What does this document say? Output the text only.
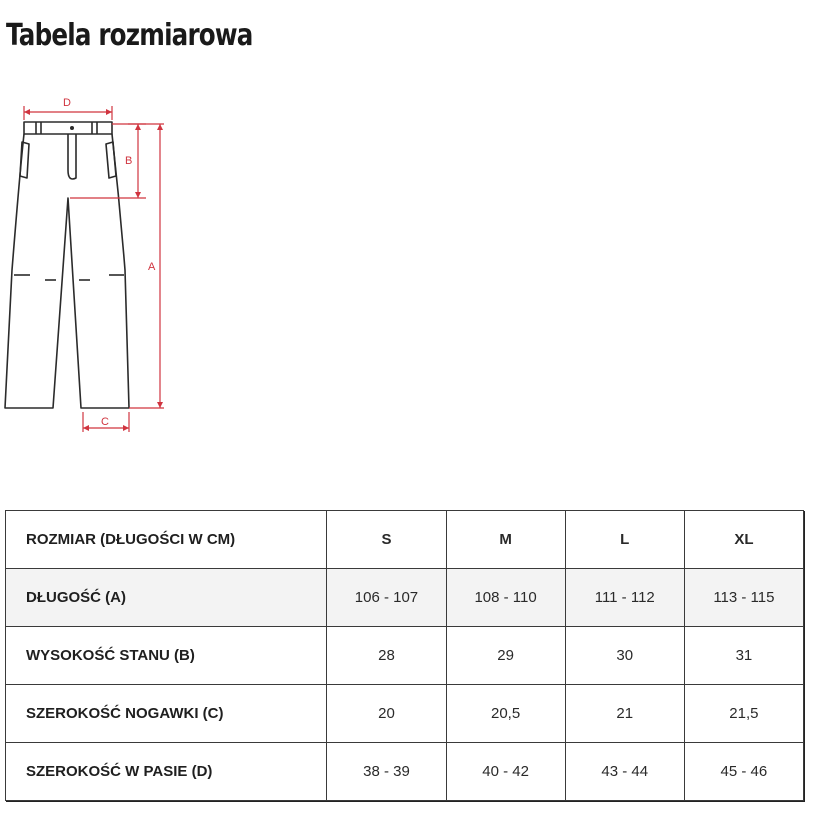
Tabela rozmiarowa
D
B
A
C
ROZMIAR (DŁUGOŚCI W CM)	S	M	L	XL
DŁUGOŚĆ (A)	106 - 107	108 - 110	111 - 112	113 - 115
WYSOKOŚĆ STANU (B)	28	29	30	31
SZEROKOŚĆ NOGAWKI (C)	20	20,5	21	21,5
SZEROKOŚĆ W PASIE (D)	38 - 39	40 - 42	43 - 44	45 - 46
